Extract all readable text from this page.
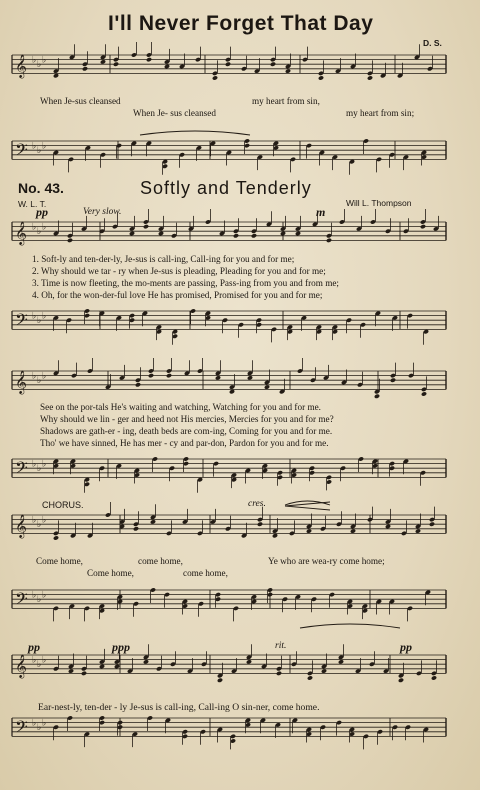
𝄞 ♭ ♭ ♭
𝄢 ♭ ♭ ♭
𝄞 ♭ ♭ ♭
𝄢 ♭ ♭ ♭
𝄞 ♭ ♭ ♭
𝄢 ♭ ♭ ♭
𝄞 ♭ ♭ ♭
𝄢 ♭ ♭ ♭
𝄞 ♭ ♭ ♭
𝄢 ♭ ♭ ♭
I'll Never Forget That Day
D. S.
When Je-sus cleansed	my heart from sin,
When Je- sus cleansed	my heart from sin;
No. 43.	Softly and Tenderly
W. L. T.	Will L. Thompson
pp	Very slow.	m
1. Soft-ly and ten-der-ly, Je-sus is call-ing, Call-ing for you and for me;
2. Why should we tar - ry when Je-sus is pleading, Pleading for you and for me;
3. Time is now fleeting, the mo-ments are passing, Pass-ing from you and from me;
4. Oh, for the won-der-ful love He has promised, Promised for you and for me;
See on the por-tals He's waiting and watching, Watching for you and for me.
Why should we lin - ger and heed not His mercies, Mercies for you and for me?
Shadows are gath-er - ing, death beds are com-ing, Coming for you and for me.
Tho' we have sinned, He has mer - cy and par-don, Pardon for you and for me.
CHORUS.	cres.
Come home,	come home,	Ye who are wea-ry come home;
Come home,	come home,
pp	ppp	rit.	pp
Ear-nest-ly, ten-der - ly Je-sus is call-ing, Call-ing O sin-ner, come home.
